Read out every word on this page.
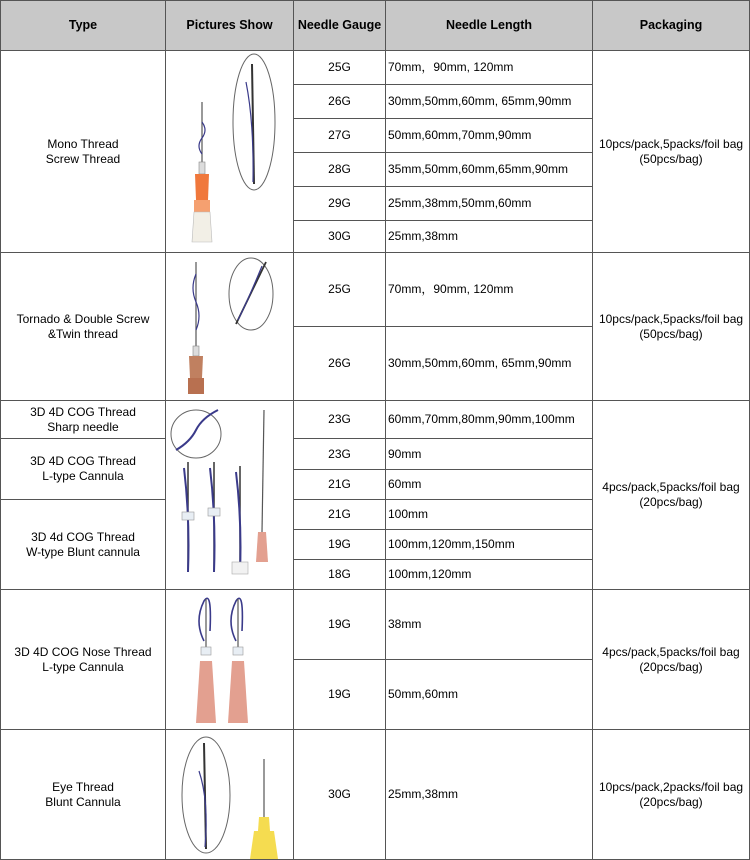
Type	Pictures Show	Needle Gauge	Needle Length	Packaging

Mono Thread
Screw Thread		25G	70mm，90mm, 120mm	10pcs/pack,5packs/foil bag
(50pcs/bag)

		26G	30mm,50mm,60mm, 65mm,90mm	
		27G	50mm,60mm,70mm,90mm	
		28G	35mm,50mm,60mm,65mm,90mm	
		29G	25mm,38mm,50mm,60mm	
		30G	25mm,38mm	

Tornado & Double Screw
&Twin thread		25G	70mm，90mm, 120mm	10pcs/pack,5packs/foil bag
(50pcs/bag)

		26G	30mm,50mm,60mm, 65mm,90mm	

3D 4D COG Thread
Sharp needle		23G	60mm,70mm,80mm,90mm,100mm	4pcs/pack,5packs/foil bag
(20pcs/bag)

3D 4D COG Thread
L-type Cannula		23G	90mm	
		21G	60mm	

3D 4d COG Thread
W-type Blunt cannula		21G	100mm	
		19G	100mm,120mm,150mm	
		18G	100mm,120mm	

3D 4D COG Nose Thread
L-type Cannula		19G	38mm	4pcs/pack,5packs/foil bag
(20pcs/bag)

		19G	50mm,60mm	

Eye Thread
Blunt Cannula		30G	25mm,38mm	10pcs/pack,2packs/foil bag
(20pcs/bag)
